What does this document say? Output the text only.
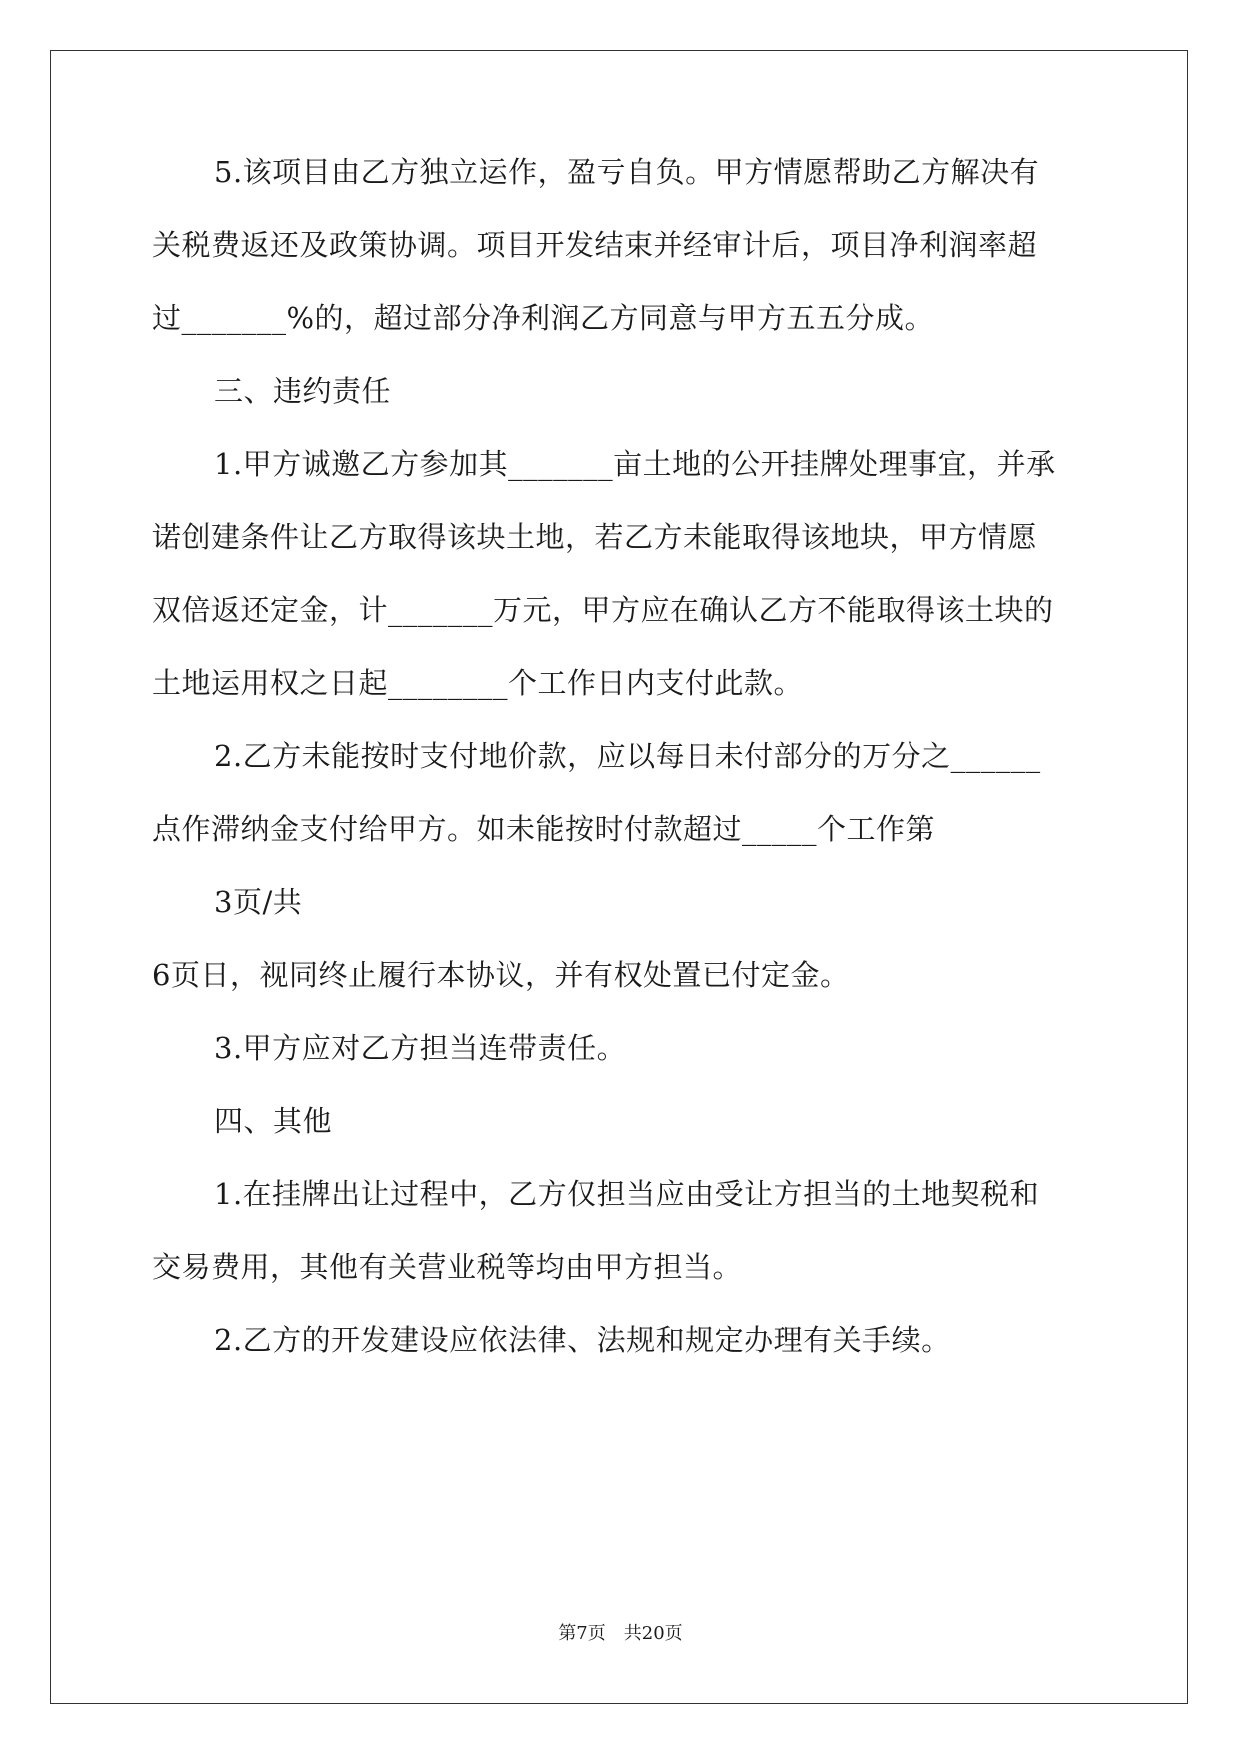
5.该项目由乙方独立运作，盈亏自负。甲方情愿帮助乙方解决有
关税费返还及政策协调。项目开发结束并经审计后，项目净利润率超
过_______%的，超过部分净利润乙方同意与甲方五五分成。
三、违约责任
1.甲方诚邀乙方参加其_______亩土地的公开挂牌处理事宜，并承
诺创建条件让乙方取得该块土地，若乙方未能取得该地块，甲方情愿
双倍返还定金，计_______万元，甲方应在确认乙方不能取得该土块的
土地运用权之日起________个工作日内支付此款。
2.乙方未能按时支付地价款，应以每日未付部分的万分之______
点作滞纳金支付给甲方。如未能按时付款超过_____个工作第
3页/共
6页日，视同终止履行本协议，并有权处置已付定金。
3.甲方应对乙方担当连带责任。
四、其他
1.在挂牌出让过程中，乙方仅担当应由受让方担当的土地契税和
交易费用，其他有关营业税等均由甲方担当。
2.乙方的开发建设应依法律、法规和规定办理有关手续。
第7页　共20页
